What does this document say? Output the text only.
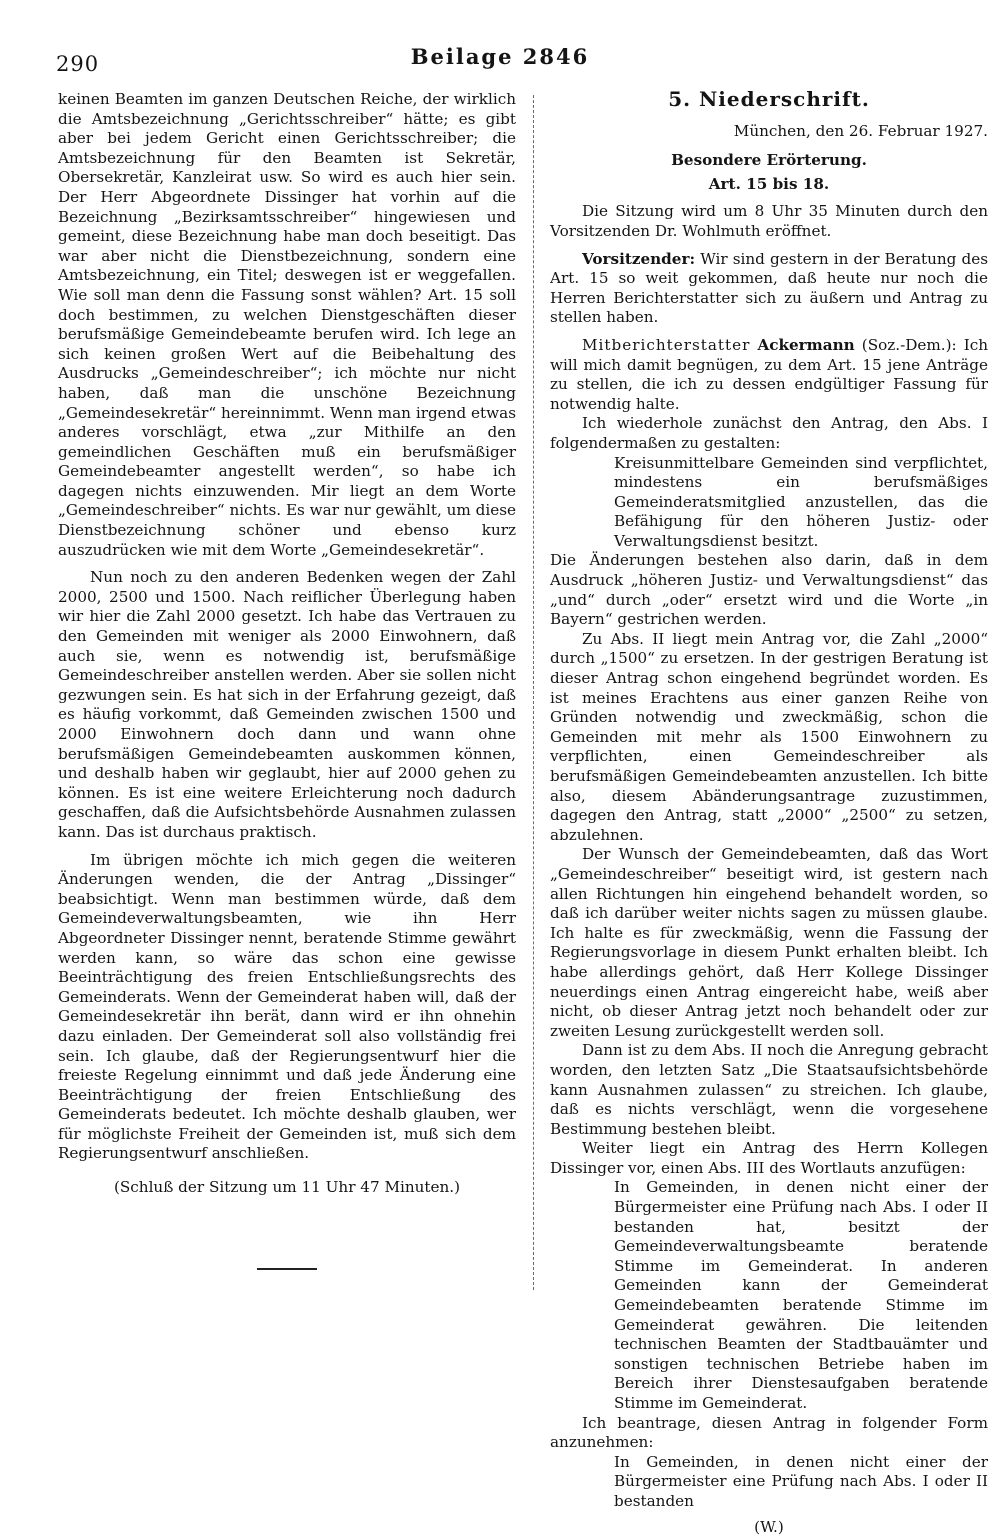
290	Beilage 2846

keinen Beamten im ganzen Deutschen Reiche, der wirklich die Amtsbezeichnung „Gerichtsschreiber“ hätte; es gibt aber bei jedem Gericht einen Gerichtsschreiber; die Amtsbezeichnung für den Beamten ist Sekretär, Obersekretär, Kanzleirat usw. So wird es auch hier sein. Der Herr Abgeordnete Dissinger hat vorhin auf die Bezeichnung „Bezirksamtsschreiber“ hingewiesen und gemeint, diese Bezeichnung habe man doch beseitigt. Das war aber nicht die Dienstbezeichnung, sondern eine Amtsbezeichnung, ein Titel; deswegen ist er weggefallen. Wie soll man denn die Fassung sonst wählen? Art. 15 soll doch bestimmen, zu welchen Dienstgeschäften dieser berufsmäßige Gemeindebeamte berufen wird. Ich lege an sich keinen großen Wert auf die Beibehaltung des Ausdrucks „Gemeindeschreiber“; ich möchte nur nicht haben, daß man die unschöne Bezeichnung „Gemeindesekretär“ hereinnimmt. Wenn man irgend etwas anderes vorschlägt, etwa „zur Mithilfe an den gemeindlichen Geschäften muß ein berufsmäßiger Gemeindebeamter angestellt werden“, so habe ich dagegen nichts einzuwenden. Mir liegt an dem Worte „Gemeindeschreiber“ nichts. Es war nur gewählt, um diese Dienstbezeichnung schöner und ebenso kurz auszudrücken wie mit dem Worte „Gemeindesekretär“.

Nun noch zu den anderen Bedenken wegen der Zahl 2000, 2500 und 1500. Nach reiflicher Überlegung haben wir hier die Zahl 2000 gesetzt. Ich habe das Vertrauen zu den Gemeinden mit weniger als 2000 Einwohnern, daß auch sie, wenn es notwendig ist, berufsmäßige Gemeindeschreiber anstellen werden. Aber sie sollen nicht gezwungen sein. Es hat sich in der Erfahrung gezeigt, daß es häufig vorkommt, daß Gemeinden zwischen 1500 und 2000 Einwohnern doch dann und wann ohne berufsmäßigen Gemeindebeamten auskommen können, und deshalb haben wir geglaubt, hier auf 2000 gehen zu können. Es ist eine weitere Erleichterung noch dadurch geschaffen, daß die Aufsichtsbehörde Ausnahmen zulassen kann. Das ist durchaus praktisch.

Im übrigen möchte ich mich gegen die weiteren Änderungen wenden, die der Antrag „Dissinger“ beabsichtigt. Wenn man bestimmen würde, daß dem Gemeindeverwaltungsbeamten, wie ihn Herr Abgeordneter Dissinger nennt, beratende Stimme gewährt werden kann, so wäre das schon eine gewisse Beeinträchtigung des freien Entschließungsrechts des Gemeinderats. Wenn der Gemeinderat haben will, daß der Gemeindesekretär ihn berät, dann wird er ihn ohnehin dazu einladen. Der Gemeinderat soll also vollständig frei sein. Ich glaube, daß der Regierungsentwurf hier die freieste Regelung einnimmt und daß jede Änderung eine Beeinträchtigung der freien Entschließung des Gemeinderats bedeutet. Ich möchte deshalb glauben, wer für möglichste Freiheit der Gemeinden ist, muß sich dem Regierungsentwurf anschließen.

(Schluß der Sitzung um 11 Uhr 47 Minuten.)
5. Niederschrift.
München, den 26. Februar 1927.
Besondere Erörterung.
Art. 15 bis 18.

Die Sitzung wird um 8 Uhr 35 Minuten durch den Vorsitzenden Dr. Wohlmuth eröffnet.

Vorsitzender: Wir sind gestern in der Beratung des Art. 15 so weit gekommen, daß heute nur noch die Herren Berichterstatter sich zu äußern und Antrag zu stellen haben.

Mitberichterstatter Ackermann (Soz.-Dem.): Ich will mich damit begnügen, zu dem Art. 15 jene Anträge zu stellen, die ich zu dessen endgültiger Fassung für notwendig halte.

Ich wiederhole zunächst den Antrag, den Abs. I folgendermaßen zu gestalten:

Kreisunmittelbare Gemeinden sind verpflichtet, mindestens ein berufsmäßiges Gemeinderatsmitglied anzustellen, das die Befähigung für den höheren Justiz- oder Verwaltungsdienst besitzt.

Die Änderungen bestehen also darin, daß in dem Ausdruck „höheren Justiz- und Verwaltungsdienst“ das „und“ durch „oder“ ersetzt wird und die Worte „in Bayern“ gestrichen werden.

Zu Abs. II liegt mein Antrag vor, die Zahl „2000“ durch „1500“ zu ersetzen. In der gestrigen Beratung ist dieser Antrag schon eingehend begründet worden. Es ist meines Erachtens aus einer ganzen Reihe von Gründen notwendig und zweckmäßig, schon die Gemeinden mit mehr als 1500 Einwohnern zu verpflichten, einen Gemeindeschreiber als berufsmäßigen Gemeindebeamten anzustellen. Ich bitte also, diesem Abänderungsantrage zuzustimmen, dagegen den Antrag, statt „2000“ „2500“ zu setzen, abzulehnen.

Der Wunsch der Gemeindebeamten, daß das Wort „Gemeindeschreiber“ beseitigt wird, ist gestern nach allen Richtungen hin eingehend behandelt worden, so daß ich darüber weiter nichts sagen zu müssen glaube. Ich halte es für zweckmäßig, wenn die Fassung der Regierungsvorlage in diesem Punkt erhalten bleibt. Ich habe allerdings gehört, daß Herr Kollege Dissinger neuerdings einen Antrag eingereicht habe, weiß aber nicht, ob dieser Antrag jetzt noch behandelt oder zur zweiten Lesung zurückgestellt werden soll.

Dann ist zu dem Abs. II noch die Anregung gebracht worden, den letzten Satz „Die Staatsaufsichtsbehörde kann Ausnahmen zulassen“ zu streichen. Ich glaube, daß es nichts verschlägt, wenn die vorgesehene Bestimmung bestehen bleibt.

Weiter liegt ein Antrag des Herrn Kollegen Dissinger vor, einen Abs. III des Wortlauts anzufügen:

In Gemeinden, in denen nicht einer der Bürgermeister eine Prüfung nach Abs. I oder II bestanden hat, besitzt der Gemeindeverwaltungsbeamte beratende Stimme im Gemeinderat. In anderen Gemeinden kann der Gemeinderat Gemeindebeamten beratende Stimme im Gemeinderat gewähren. Die leitenden technischen Beamten der Stadtbauämter und sonstigen technischen Betriebe haben im Bereich ihrer Dienstesaufgaben beratende Stimme im Gemeinderat.

Ich beantrage, diesen Antrag in folgender Form anzunehmen:

In Gemeinden, in denen nicht einer der Bürgermeister eine Prüfung nach Abs. I oder II bestanden

(W.)
